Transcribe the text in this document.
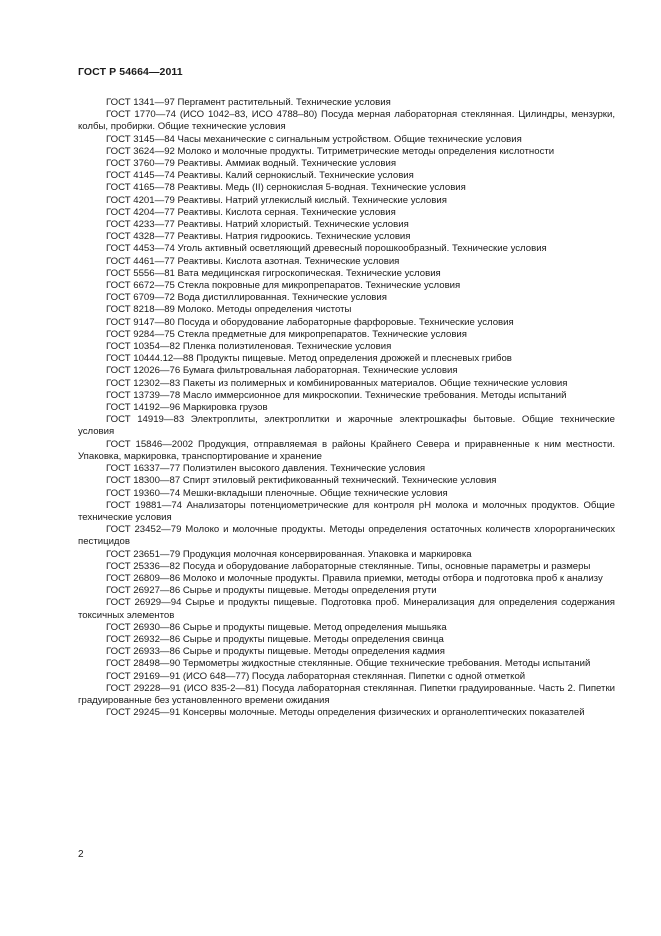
ГОСТ Р 54664—2011

ГОСТ 1341—97 Пергамент растительный. Технические условия

ГОСТ 1770—74 (ИСО 1042–83, ИСО 4788–80) Посуда мерная лабораторная стеклянная. Цилиндры, мензурки, колбы, пробирки. Общие технические условия

ГОСТ 3145—84 Часы механические с сигнальным устройством. Общие технические условия

ГОСТ 3624—92 Молоко и молочные продукты. Титриметрические методы определения кислотности

ГОСТ 3760—79 Реактивы. Аммиак водный. Технические условия

ГОСТ 4145—74 Реактивы. Калий сернокислый. Технические условия

ГОСТ 4165—78 Реактивы. Медь (II) сернокислая 5-водная. Технические условия

ГОСТ 4201—79 Реактивы. Натрий углекислый кислый. Технические условия

ГОСТ 4204—77 Реактивы. Кислота серная. Технические условия

ГОСТ 4233—77 Реактивы. Натрий хлористый. Технические условия

ГОСТ 4328—77 Реактивы. Натрия гидроокись. Технические условия

ГОСТ 4453—74 Уголь активный осветляющий древесный порошкообразный. Технические условия

ГОСТ 4461—77 Реактивы. Кислота азотная. Технические условия

ГОСТ 5556—81 Вата медицинская гигроскопическая. Технические условия

ГОСТ 6672—75 Стекла покровные для микропрепаратов. Технические условия

ГОСТ 6709—72 Вода дистиллированная. Технические условия

ГОСТ 8218—89 Молоко. Методы определения чистоты

ГОСТ 9147—80 Посуда и оборудование лабораторные фарфоровые. Технические условия

ГОСТ 9284—75 Стекла предметные для микропрепаратов. Технические условия

ГОСТ 10354—82 Пленка полиэтиленовая. Технические условия

ГОСТ 10444.12—88 Продукты пищевые. Метод определения дрожжей и плесневых грибов

ГОСТ 12026—76 Бумага фильтровальная лабораторная. Технические условия

ГОСТ 12302—83 Пакеты из полимерных и комбинированных материалов. Общие технические условия

ГОСТ 13739—78 Масло иммерсионное для микроскопии. Технические требования. Методы испытаний

ГОСТ 14192—96 Маркировка грузов

ГОСТ 14919—83 Электроплиты, электроплитки и жарочные электрошкафы бытовые. Общие технические условия

ГОСТ 15846—2002 Продукция, отправляемая в районы Крайнего Севера и приравненные к ним местности. Упаковка, маркировка, транспортирование и хранение

ГОСТ 16337—77 Полиэтилен высокого давления. Технические условия

ГОСТ 18300—87 Спирт этиловый ректификованный технический. Технические условия

ГОСТ 19360—74 Мешки-вкладыши пленочные. Общие технические условия

ГОСТ 19881—74 Анализаторы потенциометрические для контроля pH молока и молочных продуктов. Общие технические условия

ГОСТ 23452—79 Молоко и молочные продукты. Методы определения остаточных количеств хлорорганических пестицидов

ГОСТ 23651—79 Продукция молочная консервированная. Упаковка и маркировка

ГОСТ 25336—82 Посуда и оборудование лабораторные стеклянные. Типы, основные параметры и размеры

ГОСТ 26809—86 Молоко и молочные продукты. Правила приемки, методы отбора и подготовка проб к анализу

ГОСТ 26927—86 Сырье и продукты пищевые. Методы определения ртути

ГОСТ 26929—94 Сырье и продукты пищевые. Подготовка проб. Минерализация для определения содержания токсичных элементов

ГОСТ 26930—86 Сырье и продукты пищевые. Метод определения мышьяка

ГОСТ 26932—86 Сырье и продукты пищевые. Методы определения свинца

ГОСТ 26933—86 Сырье и продукты пищевые. Методы определения кадмия

ГОСТ 28498—90 Термометры жидкостные стеклянные. Общие технические требования. Методы испытаний

ГОСТ 29169—91 (ИСО 648—77) Посуда лабораторная стеклянная. Пипетки с одной отметкой

ГОСТ 29228—91 (ИСО 835-2—81) Посуда лабораторная стеклянная. Пипетки градуированные. Часть 2. Пипетки градуированные без установленного времени ожидания

ГОСТ 29245—91 Консервы молочные. Методы определения физических и органолептических показателей

2
